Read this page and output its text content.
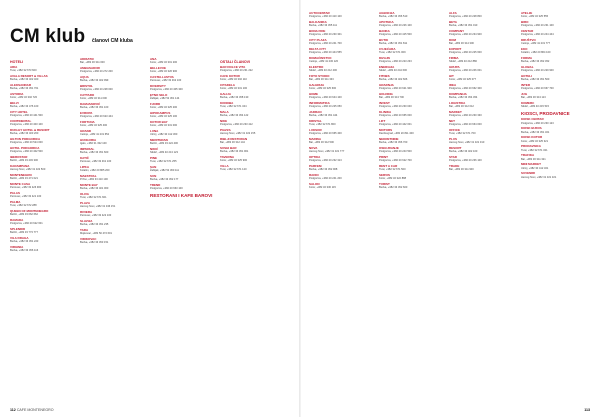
CM klub članovi CM kluba
HOTELI
ARIA
Tivat, +382 32 673 600
AVALA RESORT & VILLAS
Budva, +382 33 402 400
ALEKSANDAR
Budva, +382 33 451 701
ASTORIA
Kotor, +382 32 302 720
BELVI
Budva, +382 33 476 100
CITY HOTEL
Podgorica, +382 20 441 500
CONTINENTAL
Podgorica, +382 20 403 100
DUKLEY HOTEL & RESORT
Budva, +382 33 403 200
HILTON PODGORICA
Podgorica, +382 20 524 000
HOTEL PODGORICA
Podgorica, +382 20 402 500
IBEROSTAR
Bečići, +382 33 403 300
KARAMPANA
Herceg Novi, +382 31 322 500
MONTENEGRO
Bečići, +382 33 471 021
MONTE CASA
Petrovac, +382 33 426 900
PALAS
Petrovac, +382 33 421 100
PALMA
Tivat, +382 32 672 288
QUEEN OF MONTENEGRO
Bečići, +382 33 662 662
RAMADA
Podgorica, +382 20 622 601
SPLENDID
Bečići, +382 33 773 777
VILA DRAGA
Budva, +382 33 451 223
VIRGINIA
Budva, +382 33 456 116
ADRIATIC
Bar, +382 30 311 000
AMBASADOR
Podgorica, +382 20 272 200
AQUA
Budva, +382 33 402 999
BRISTOL
Podgorica, +382 20 228 000
CATTARO
Kotor, +382 32 311 000
DAMJANOVIĆ
Budva, +382 33 451 100
EVROPA
Podgorica, +382 20 623 444
FORTUNA
Kotor, +382 32 325 400
GRAND
Cetinje, +382 41 231 652
HUNGURIA
Igalo, +382 31 332 100
IMPERIAL
Budva, +382 33 451 600
KATIČ
Petrovac, +382 33 461 100
LIPKA
Kolašin, +382 20 865 200
MAESTRAL
Pržno, +382 33 410 100
MONTE BAY
Budva, +382 33 401 000
OLIVA
Tivat, +382 32 671 601
PLAZA
Herceg Novi, +382 31 346 151
RIVIERA
Petrovac, +382 33 422 100
SLAVIJA
Budva, +382 33 451 235
TARA
Mojkovac, +382 50 472 601
VIDIKOVAC
Budva, +382 33 453 151
ANA
Kotor, +382 32 301 200
BELLEVUE
Kotor, +382 32 326 900
CASTELLASTVA
Petrovac, +382 33 462 100
DIVERSITY
Podgorica, +382 20 405 300
ETNO SELO
Žabljak, +382 52 361 144
FJORD
Kotor, +382 32 325 200
HIPOKAMPUS
Kotor, +382 32 325 100
KOTOR BAY
Kotor, +382 32 331 000
LUNA
Ulcinj, +382 30 412 300
MEDITERAN
Bečići, +382 33 424 400
NIKIĆ
Nikšić, +382 40 213 123
PINE
Tivat, +382 32 671 255
SAN
Žabljak, +382 52 360 111
SUN
Budva, +382 33 452 177
TREND
Podgorica, +382 20 663 100
RESTORANI I KAFE BAROVI
OSTALI ČLANOVI
BAR DOLCE VITA
Podgorica, +382 20 231 222
CAFE KOTOR
Kotor, +382 32 302 110
CITADELA
Kotor, +382 32 331 100
GALIJA
Budva, +382 33 458 130
KONOBA
Tivat, +382 32 671 344
MALA
Budva, +382 33 454 122
NIKE
Podgorica, +382 20 233 412
PIAZZA
Herceg Novi, +382 31 322 155
RIBLJI RESTORAN
Bar, +382 30 312 144
SUSHI BAR
Budva, +382 33 451 901
TAVERNA
Kotor, +382 32 325 900
VILLA
Tivat, +382 32 671 120
112 CAFE MONTENEGRO
AUTOCENTAR
Podgorica, +382 20 410 100
BALKANIKA
Budva, +382 33 455 111
BONA FIDE
Podgorica, +382 20 230 301
CITY PLAZA
Podgorica, +382 20 241 700
DELTA CITY
Podgorica, +382 20 444 555
DOMAĆINSTVO
Cetinje, +382 41 230 120
ELEKTRO
Nikšić, +382 40 212 400
FOTO STUDIO
Bar, +382 30 311 333
GALERIJA
Kotor, +382 32 325 600
HOME
Podgorica, +382 20 644 100
INFORMATIKA
Podgorica, +382 20 225 050
JADRAN
Budva, +382 33 451 444
KRISTAL
Tivat, +382 32 671 800
LUKSOR
Podgorica, +382 20 665 400
MARINA
Bar, +382 30 312 500
NOVA
Herceg Novi, +382 31 321 777
OPTIKA
Podgorica, +382 20 232 313
PARFEM
Budva, +382 33 452 908
RADIO
Podgorica, +382 20 241 200
SALON
Kotor, +382 32 330 115
AGENCIJA
Budva, +382 33 456 510
APOTEKA
Podgorica, +382 20 226 100
BANKA
Podgorica, +382 20 415 500
BUTIK
Budva, +382 33 451 811
CVJEĆARA
Tivat, +382 32 671 009
DIZAJN
Podgorica, +382 20 223 233
ENERGIJA
Nikšić, +382 40 244 600
FITNES
Budva, +382 33 402 606
GRADNJA
Podgorica, +382 20 621 900
HOLDING
Bar, +382 30 313 700
INVEST
Podgorica, +382 20 230 040
KLINIKA
Podgorica, +382 20 665 000
LIFT
Podgorica, +382 20 442 001
MOTORS
Danilovgrad, +382 20 811 400
NEKRETNINE
Budva, +382 33 456 700
OSIGURANJE
Podgorica, +382 20 243 500
PRINT
Podgorica, +382 20 622 700
RENT A CAR
Tivat, +382 32 671 500
SERVIS
Kotor, +382 32 322 888
TURIST
Budva, +382 33 452 600
ALFA
Podgorica, +382 20 228 800
BETA
Budva, +382 33 451 010
COMPANY
Podgorica, +382 20 234 900
DOM
Bar, +382 30 314 300
EXPORT
Podgorica, +382 20 225 600
FIRMA
Nikšić, +382 40 212 880
GRUPA
Podgorica, +382 20 246 001
HIT
Kotor, +382 32 325 077
IDEA
Podgorica, +382 20 662 300
KOMPANIJA
Budva, +382 33 454 454
LOGISTIKA
Bar, +382 30 312 012
MARKET
Podgorica, +382 20 230 330
NET
Podgorica, +382 20 664 000
OFFICE
Tivat, +382 32 671 700
PLUS
Herceg Novi, +382 31 321 010
RESORT
Budva, +382 33 402 100
STAR
Podgorica, +382 20 236 100
TRADE
Bar, +382 30 311 900
ATELJE
Kotor, +382 32 325 555
BIRO
Podgorica, +382 20 231 100
CENTAR
Podgorica, +382 20 244 444
DRUŠTVO
Cetinje, +382 41 231 777
EKO
Kolašin, +382 20 864 100
FORMA
Budva, +382 33 452 452
GLOBAL
Podgorica, +382 20 229 900
HOTELI
Budva, +382 33 451 500
INTER
Podgorica, +382 20 667 700
JUG
Bar, +382 30 313 113
KOMERC
Nikšić, +382 40 215 515
KIOSCI, PRODAVNICE
KIOSK CENTAR
Podgorica, +382 20 230 123
KIOSK BUDVA
Budva, +382 33 451 321
KIOSK KOTOR
Kotor, +382 32 325 321
PRODAVNICA
Tivat, +382 32 671 321
TRAFIKA
Bar, +382 30 311 321
MINI MARKET
Ulcinj, +382 30 412 321
SUVENIRI
Herceg Novi, +382 31 321 321
113
